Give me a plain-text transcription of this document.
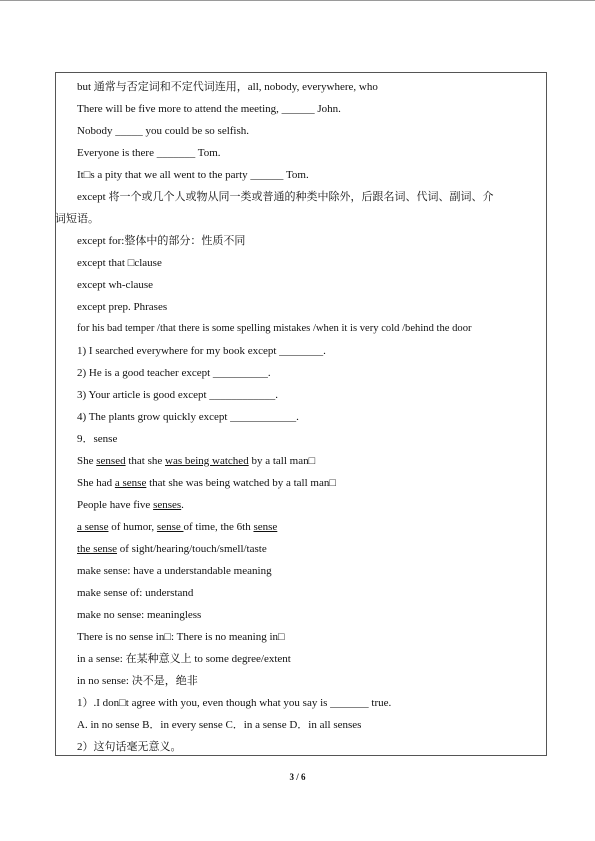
but 通常与否定词和不定代词连用，all, nobody, everywhere, who
There will be five more to attend the meeting, ______ John.
Nobody _____ you could be so selfish.
Everyone is there _______ Tom.
It□s a pity that we all went to the party ______ Tom.
except 将一个或几个人或物从同一类或普通的种类中除外，后跟名词、代词、副词、介
词短语。
except for:整体中的部分：性质不同
except that □clause
except wh-clause
except prep. Phrases
for his bad temper /that there is some spelling mistakes /when it is very cold /behind the door
1) I searched everywhere for my book except ________.
2) He is a good teacher except __________.
3) Your article is good except ____________.
4) The plants grow quickly except ____________.
9．sense
She sensed that she was being watched by a tall man□
She had a sense that she was being watched by a tall man□
People have five senses.
a sense of humor, sense of time, the 6th sense
the sense of sight/hearing/touch/smell/taste
make sense: have a understandable meaning
make sense of: understand
make no sense: meaningless
There is no sense in□: There is no meaning in□
in a sense: 在某种意义上 to some degree/extent
in no sense: 决不是，绝非
1）.I don□t agree with you, even though what you say is _______ true.
A. in no sense B．in every sense C．in a sense D．in all senses
2）这句话毫无意义。
3 / 6
